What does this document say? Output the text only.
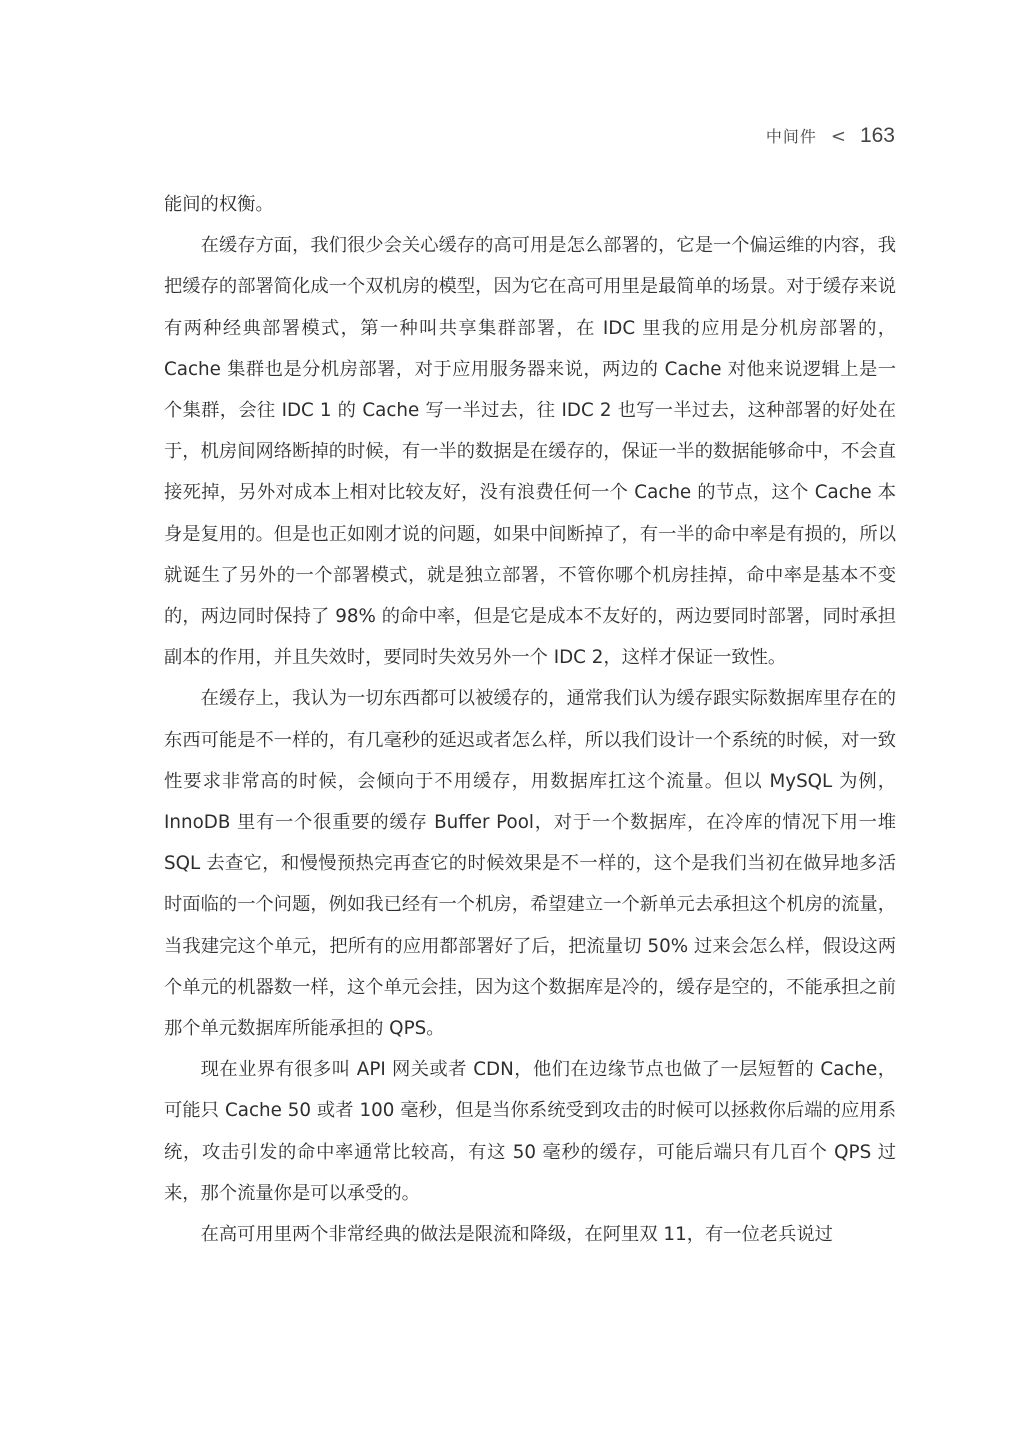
中间件 < 163

能间的权衡。

在缓存方面，我们很少会关心缓存的高可用是怎么部署的，它是一个偏运维的内容，我把缓存的部署简化成一个双机房的模型，因为它在高可用里是最简单的场景。对于缓存来说有两种经典部署模式，第一种叫共享集群部署，在 IDC 里我的应用是分机房部署的，Cache 集群也是分机房部署，对于应用服务器来说，两边的 Cache 对他来说逻辑上是一个集群，会往 IDC 1 的 Cache 写一半过去，往 IDC 2 也写一半过去，这种部署的好处在于，机房间网络断掉的时候，有一半的数据是在缓存的，保证一半的数据能够命中，不会直接死掉，另外对成本上相对比较友好，没有浪费任何一个 Cache 的节点，这个 Cache 本身是复用的。但是也正如刚才说的问题，如果中间断掉了，有一半的命中率是有损的，所以就诞生了另外的一个部署模式，就是独立部署，不管你哪个机房挂掉，命中率是基本不变的，两边同时保持了 98% 的命中率，但是它是成本不友好的，两边要同时部署，同时承担副本的作用，并且失效时，要同时失效另外一个 IDC 2，这样才保证一致性。

在缓存上，我认为一切东西都可以被缓存的，通常我们认为缓存跟实际数据库里存在的东西可能是不一样的，有几毫秒的延迟或者怎么样，所以我们设计一个系统的时候，对一致性要求非常高的时候，会倾向于不用缓存，用数据库扛这个流量。但以 MySQL 为例，InnoDB 里有一个很重要的缓存 Buffer Pool，对于一个数据库，在冷库的情况下用一堆 SQL 去查它，和慢慢预热完再查它的时候效果是不一样的，这个是我们当初在做异地多活时面临的一个问题，例如我已经有一个机房，希望建立一个新单元去承担这个机房的流量，当我建完这个单元，把所有的应用都部署好了后，把流量切 50% 过来会怎么样，假设这两个单元的机器数一样，这个单元会挂，因为这个数据库是冷的，缓存是空的，不能承担之前那个单元数据库所能承担的 QPS。

现在业界有很多叫 API 网关或者 CDN，他们在边缘节点也做了一层短暂的 Cache，可能只 Cache 50 或者 100 毫秒，但是当你系统受到攻击的时候可以拯救你后端的应用系统，攻击引发的命中率通常比较高，有这 50 毫秒的缓存，可能后端只有几百个 QPS 过来，那个流量你是可以承受的。

在高可用里两个非常经典的做法是限流和降级，在阿里双 11，有一位老兵说过
